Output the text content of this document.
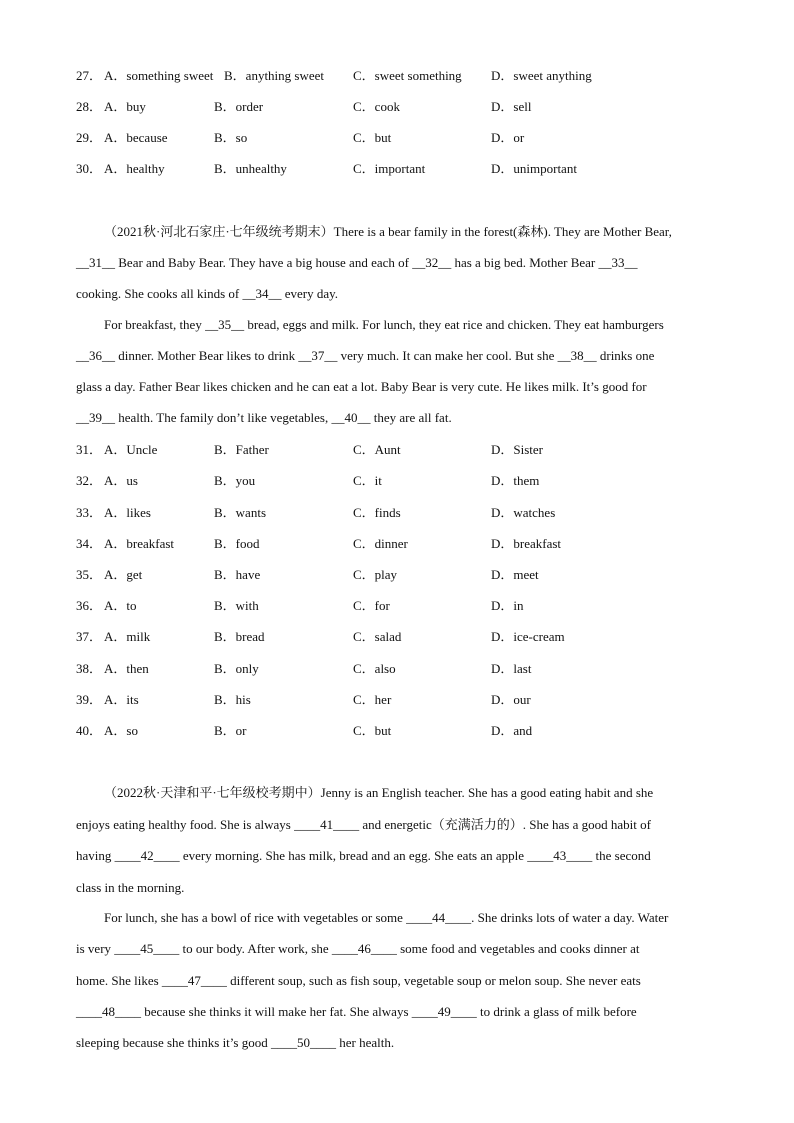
27． A．something sweet B．anything sweet C．sweet something D．sweet anything
28． A．buy	B．order	C．cook	D．sell
29． A．because	B．so	C．but	D．or
30． A．healthy	B．unhealthy	C．important	D．unimportant
（2021秋·河北石家庄·七年级统考期末）There is a bear family in the forest(森林). They are Mother Bear,
__31__ Bear and Baby Bear. They have a big house and each of __32__ has a big bed. Mother Bear __33__
cooking. She cooks all kinds of __34__ every day.
For breakfast, they __35__ bread, eggs and milk. For lunch, they eat rice and chicken. They eat hamburgers
__36__ dinner. Mother Bear likes to drink __37__ very much. It can make her cool. But she __38__ drinks one
glass a day. Father Bear likes chicken and he can eat a lot. Baby Bear is very cute. He likes milk. It’s good for
__39__ health. The family don’t like vegetables, __40__ they are all fat.
31． A．Uncle	B．Father	C．Aunt	D．Sister
32． A．us	B．you	C．it	D．them
33． A．likes	B．wants	C．finds	D．watches
34． A．breakfast	B．food	C．dinner	D．breakfast
35． A．get	B．have	C．play	D．meet
36． A．to	B．with	C．for	D．in
37． A．milk	B．bread	C．salad	D．ice-cream
38． A．then	B．only	C．also	D．last
39． A．its	B．his	C．her	D．our
40． A．so	B．or	C．but	D．and
（2022秋·天津和平·七年级校考期中）Jenny is an English teacher. She has a good eating habit and she
enjoys eating healthy food. She is always ____41____ and energetic（充满活力的）. She has a good habit of
having ____42____ every morning. She has milk, bread and an egg. She eats an apple ____43____ the second
class in the morning.
For lunch, she has a bowl of rice with vegetables or some ____44____. She drinks lots of water a day. Water
is very ____45____ to our body. After work, she ____46____ some food and vegetables and cooks dinner at
home. She likes ____47____ different soup, such as fish soup, vegetable soup or melon soup. She never eats
____48____ because she thinks it will make her fat. She always ____49____ to drink a glass of milk before
sleeping because she thinks it’s good ____50____ her health.
